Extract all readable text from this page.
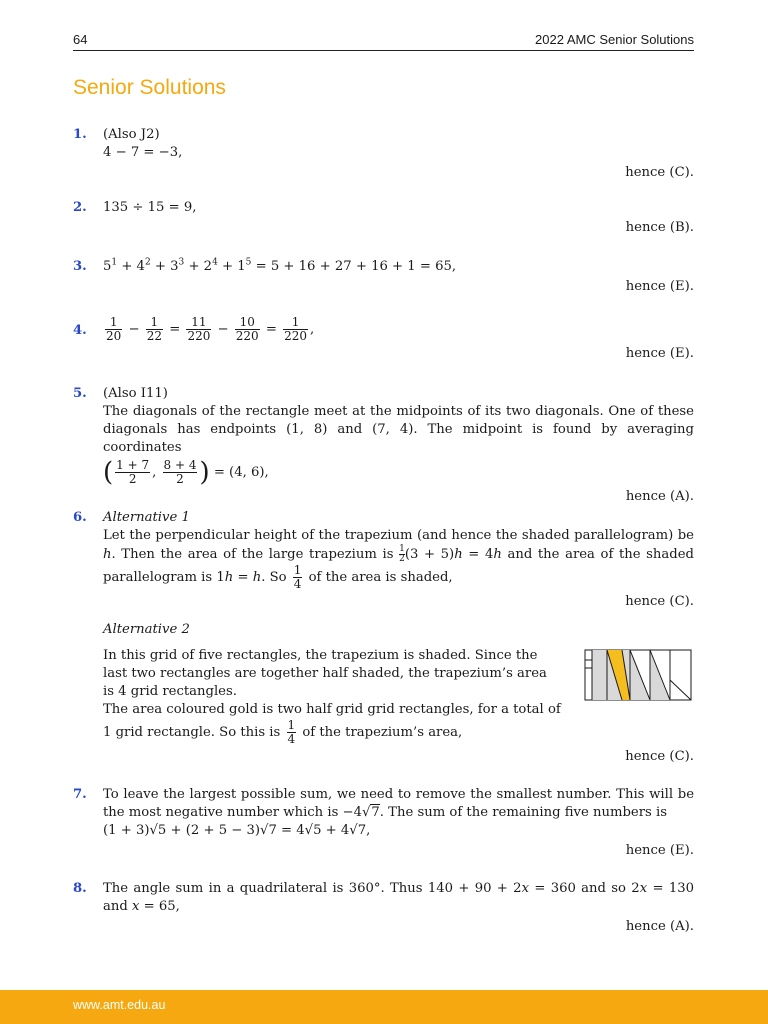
64	2022 AMC Senior Solutions
Senior Solutions
1. (Also J2)
4 − 7 = −3,
hence (C).
2. 135 ÷ 15 = 9,
hence (B).
3. $5^1 + 4^2 + 3^3 + 2^4 + 1^5 = 5 + 16 + 27 + 16 + 1 = 65$,
hence (E).
4. $\frac{1}{20} - \frac{1}{22} = \frac{11}{220} - \frac{10}{220} = \frac{1}{220}$ ,
hence (E).
5. (Also I11)
The diagonals of the rectangle meet at the midpoints of its two diagonals. One of these diagonals has endpoints (1, 8) and (7, 4). The midpoint is found by averaging coordinates
( $\frac{1 + 7}{2}$ , $\frac{8 + 4}{2}$ ) = (4, 6),
hence (A).
6. Alternative 1
Let the perpendicular height of the trapezium (and hence the shaded parallelogram) be h. Then the area of the large trapezium is $\frac{1}{2}(3 + 5)h = 4h$ and the area of the shaded parallelogram is 1h = h. So $\frac{1}{4}$ of the area is shaded,
hence (C).
Alternative 2
In this grid of five rectangles, the trapezium is shaded. Since the last two rectangles are together half shaded, the trapezium’s area is 4 grid rectangles.
The area coloured gold is two half grid grid rectangles, for a total of 1 grid rectangle. So this is $\frac{1}{4}$ of the trapezium’s area,
hence (C).
7. To leave the largest possible sum, we need to remove the smallest number. This will be the most negative number which is −4√7. The sum of the remaining five numbers is
(1 + 3)√5 + (2 + 5 − 3)√7 = 4√5 + 4√7,
hence (E).
8. The angle sum in a quadrilateral is 360°. Thus 140 + 90 + 2x = 360 and so 2x = 130 and x = 65,
hence (A).
www.amt.edu.au
